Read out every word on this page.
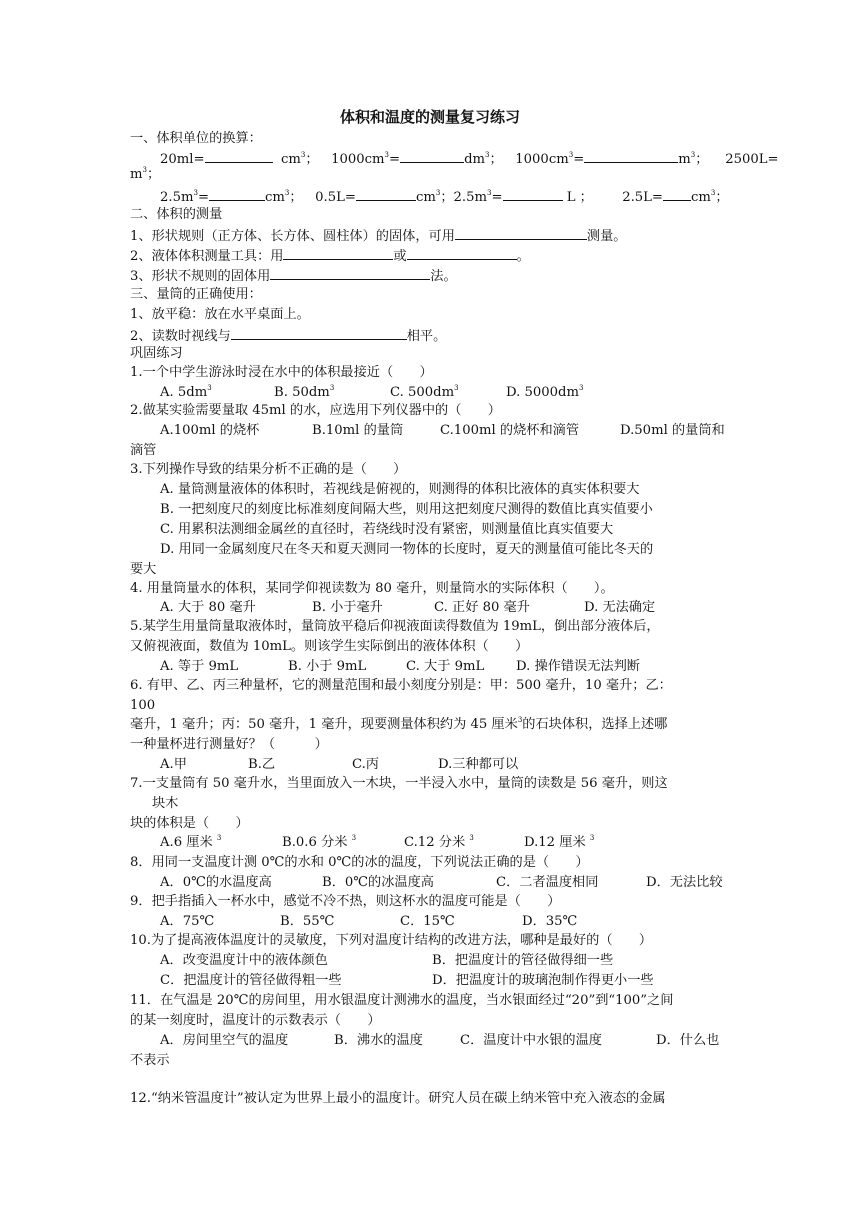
体积和温度的测量复习练习
一、体积单位的换算：
20ml=	$cm^3$； $1000cm^3=$	$dm^3$； $1000cm^3=$	$m^3$； 2500L=
$m^3$；
$2.5m^3=$	$cm^3$； 0.5L=	$cm^3$；$2.5m^3=$	L ； $2.5L= cm^3$；
二、体积的测量
1、形状规则（正方体、长方体、圆柱体）的固体，可用	测量。
2、液体体积测量工具：用	或	。
3、形状不规则的固体用	法。
三、量筒的正确使用：
1、放平稳：放在水平桌面上。
2、读数时视线与	相平。
巩固练习
1.一个中学生游泳时浸在水中的体积最接近（　　）
A. $5dm^3$	B. $50dm^3$	C. $500dm^3$	D. $5000dm^3$
2.做某实验需要量取 45ml 的水，应选用下列仪器中的（　　）
A.100ml 的烧杯	B.10ml 的量筒	C.100ml 的烧杯和滴管	D.50ml 的量筒和
滴管
3.下列操作导致的结果分析不正确的是（　　）
A. 量筒测量液体的体积时，若视线是俯视的，则测得的体积比液体的真实体积要大
B. 一把刻度尺的刻度比标准刻度间隔大些，则用这把刻度尺测得的数值比真实值要小
C. 用累积法测细金属丝的直径时，若绕线时没有紧密，则测量值比真实值要大
D. 用同一金属刻度尺在冬天和夏天测同一物体的长度时，夏天的测量值可能比冬天的
要大
4. 用量筒量水的体积，某同学仰视读数为 80 毫升，则量筒水的实际体积（　　）。
A. 大于 80 毫升	B. 小于毫升	C. 正好 80 毫升	D. 无法确定
5.某学生用量筒量取液体时，量筒放平稳后仰视液面读得数值为 19mL，倒出部分液体后，
又俯视液面，数值为 10mL。则该学生实际倒出的液体体积（　　）
A. 等于 9mL	B. 小于 9mL	C. 大于 9mL D. 操作错误无法判断
6. 有甲、乙、丙三种量杯，它的测量范围和最小刻度分别是：甲：500 毫升，10 毫升；乙：
100
毫升，1 毫升；丙：50 毫升，1 毫升，现要测量体积约为 45 厘米$^3$的石块体积，选择上述哪
一种量杯进行测量好？（　　　）
A.甲	B.乙	C.丙	D.三种都可以
7.一支量筒有 50 毫升水，当里面放入一木块，一半浸入水中，量筒的读数是 56 毫升，则这
块木
块的体积是（　　）
A.6 厘米 $^3$	B.0.6 分米 $^3$	C.12 分米 $^3$	D.12 厘米 $^3$
8．用同一支温度计测 0℃的水和 0℃的冰的温度，下列说法正确的是（　　）
A．0℃的水温度高	B．0℃的冰温度高	C．二者温度相同	D．无法比较
9．把手指插入一杯水中，感觉不冷不热，则这杯水的温度可能是（　　）
A．75℃	B．55℃	C．15℃	D．35℃
10.为了提高液体温度计的灵敏度，下列对温度计结构的改进方法，哪种是最好的（　　）
A．改变温度计中的液体颜色	B．把温度计的管径做得细一些
C．把温度计的管径做得粗一些	D．把温度计的玻璃泡制作得更小一些
11．在气温是 20℃的房间里，用水银温度计测沸水的温度，当水银面经过“20”到“100”之间
的某一刻度时，温度计的示数表示（　　）
A．房间里空气的温度	B．沸水的温度	C．温度计中水银的温度	D．什么也
不表示
12.“纳米管温度计”被认定为世界上最小的温度计。研究人员在碳上纳米管中充入液态的金属
